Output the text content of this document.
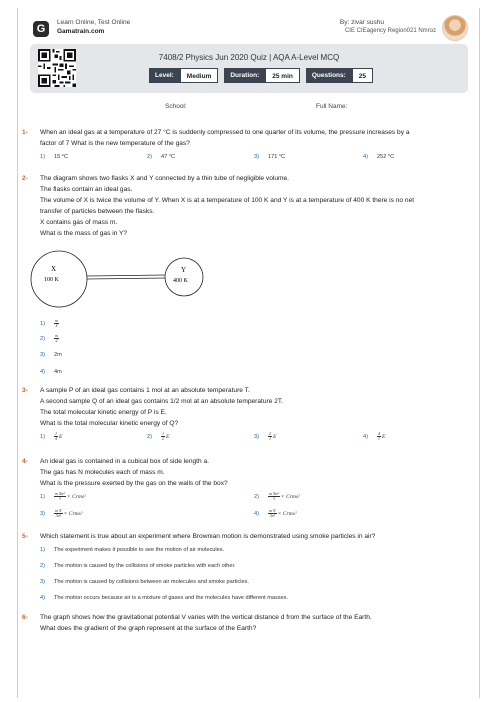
G
Learn Online, Test Online
Gamatrain.com
By: zivar sushu
CIE CIEagency Region021 Nmroz
7408/2 Physics Jun 2020 Quiz | AQA A-Level MCQ
Level:	Medium	Duration:	25 min	Questions:	25
School:	Full Name:
1- When an ideal gas at a temperature of 27 °C is suddenly compressed to one quarter of its volume, the pressure increases by a
factor of 7 What is the new temperature of the gas?
1) 15 °C	2) 47 °C	3) 171 °C	4) 252 °C
2- The diagram shows two flasks X and Y connected by a thin tube of negligible volume.
The flasks contain an ideal gas.
The volume of X is twice the volume of Y. When X is at a temperature of 100 K and Y is at a temperature of 400 K there is no net
transfer of particles between the flasks.
X contains gas of mass m.
What is the mass of gas in Y?
X
100 K
Y
400 K
$1) \frac{m}{4}$
$2) \frac{m}{2}$
3) 2m
4) 4m
3- A sample P of an ideal gas contains 1 mol at an absolute temperature T.
A second sample Q of an ideal gas contains 1/2 mol at an absolute temperature 2T.
The total molecular kinetic energy of P is E.
What is the total molecular kinetic energy of Q?
$1) \frac{1}{4}$ E	$2) \frac{1}{2}$ E	$3) \frac{2}{1}$ E	$4) \frac{4}{1}$ E
4- An ideal gas is contained in a cubical box of side length a.
The gas has N molecules each of mass m.
What is the pressure exerted by the gas on the walls of the box?
$1) \frac{\text{m Na²}}{3}$ × Crms²	$2) \frac{\text{m Na²}}{3}$ × Crms²
$3) \frac{\text{m N}}{\text{3a³}}$ × Crms²	$4) \frac{\text{m N}}{\text{3a³}}$ × Crms²
5- Which statement is true about an experiment where Brownian motion is demonstrated using smoke particles in air?
1) The experiment makes it possible to see the motion of air molecules.
2) The motion is caused by the collisions of smoke particles with each other.
3) The motion is caused by collisions between air molecules and smoke particles.
4) The motion occurs because air is a mixture of gases and the molecules have different masses.
6- The graph shows how the gravitational potential V varies with the vertical distance d from the surface of the Earth.
What does the gradient of the graph represent at the surface of the Earth?
